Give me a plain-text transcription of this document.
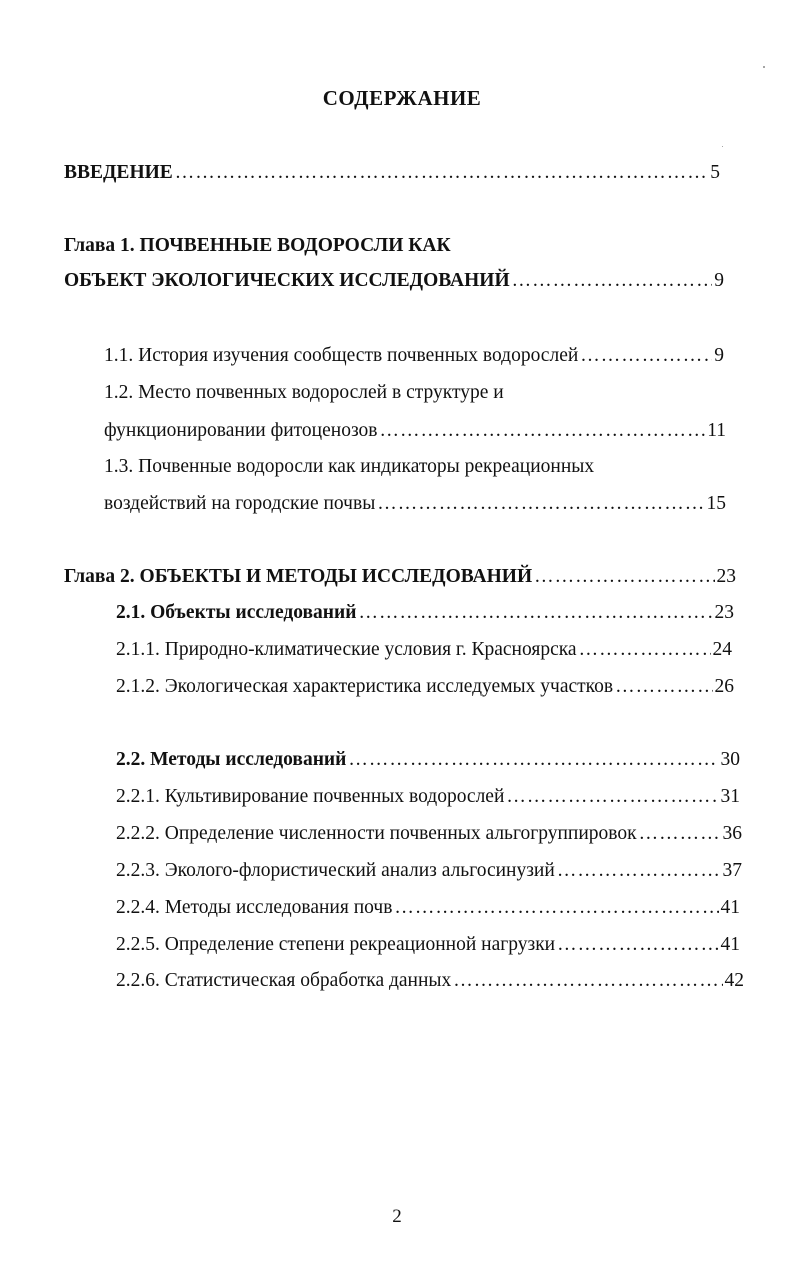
СОДЕРЖАНИЕ
ВВЕДЕНИЕ ……………………………………………………………………………………………………………………………………………………	5
Глава 1. ПОЧВЕННЫЕ ВОДОРОСЛИ КАК
ОБЪЕКТ ЭКОЛОГИЧЕСКИХ ИССЛЕДОВАНИЙ ……………………………………………………………………………………………………………………………………………………	9
1.1. История изучения сообществ почвенных водорослей ……………………………………………………………………………………………………………………………………………………	9
1.2. Место почвенных водорослей в структуре и
функционировании фитоценозов ……………………………………………………………………………………………………………………………………………………	11
1.3. Почвенные водоросли как индикаторы рекреационных
воздействий на городские почвы ……………………………………………………………………………………………………………………………………………………	15
Глава 2. ОБЪЕКТЫ И МЕТОДЫ ИССЛЕДОВАНИЙ ……………………………………………………………………………………………………………………………………………………	23
2.1. Объекты исследований ……………………………………………………………………………………………………………………………………………………	23
2.1.1. Природно-климатические условия г. Красноярска ……………………………………………………………………………………………………………………………………………………	24
2.1.2. Экологическая характеристика исследуемых участков ……………………………………………………………………………………………………………………………………………………	26
2.2. Методы исследований ……………………………………………………………………………………………………………………………………………………	30
2.2.1. Культивирование почвенных водорослей ……………………………………………………………………………………………………………………………………………………	31
2.2.2. Определение численности почвенных альгогруппировок ……………………………………………………………………………………………………………………………………………………	36
2.2.3. Эколого-флористический анализ альгосинузий ……………………………………………………………………………………………………………………………………………………	37
2.2.4. Методы исследования почв ……………………………………………………………………………………………………………………………………………………	41
2.2.5. Определение степени рекреационной нагрузки ……………………………………………………………………………………………………………………………………………………	41
2.2.6. Статистическая обработка данных ……………………………………………………………………………………………………………………………………………………	42
2
